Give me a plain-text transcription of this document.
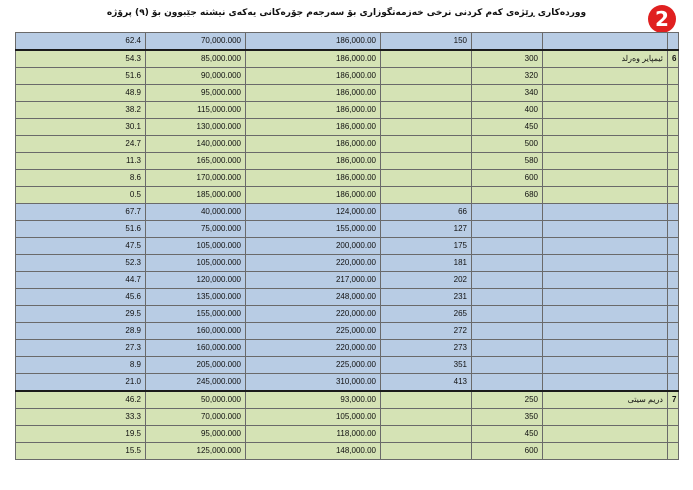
ووردەکاری ڕێژەی کەم کردنی نرخی خەزمەتگوزاری بۆ سەرجەم جۆرەکانی یەکەی نیشتە جێبوون بۆ (٩) پرۆژە	2
62.4	70,000.000	186,000.00	150			
54.3	85,000.000	186,000.00		300	ئیمپایر وەرلد	6
51.6	90,000.000	186,000.00		320		
48.9	95,000.000	186,000.00		340		
38.2	115,000.000	186,000.00		400		
30.1	130,000.000	186,000.00		450		
24.7	140,000.000	186,000.00		500		
11.3	165,000.000	186,000.00		580		
8.6	170,000.000	186,000.00		600		
0.5	185,000.000	186,000.00		680		
67.7	40,000.000	124,000.00	66			
51.6	75,000.000	155,000.00	127			
47.5	105,000.000	200,000.00	175			
52.3	105,000.000	220,000.00	181			
44.7	120,000.000	217,000.00	202			
45.6	135,000.000	248,000.00	231			
29.5	155,000.000	220,000.00	265			
28.9	160,000.000	225,000.00	272			
27.3	160,000.000	220,000.00	273			
8.9	205,000.000	225,000.00	351			
21.0	245,000.000	310,000.00	413			
46.2	50,000.000	93,000.00		250	دریم سیتی	7
33.3	70,000.000	105,000.00		350		
19.5	95,000.000	118,000.00		450		
15.5	125,000.000	148,000.00		600		
